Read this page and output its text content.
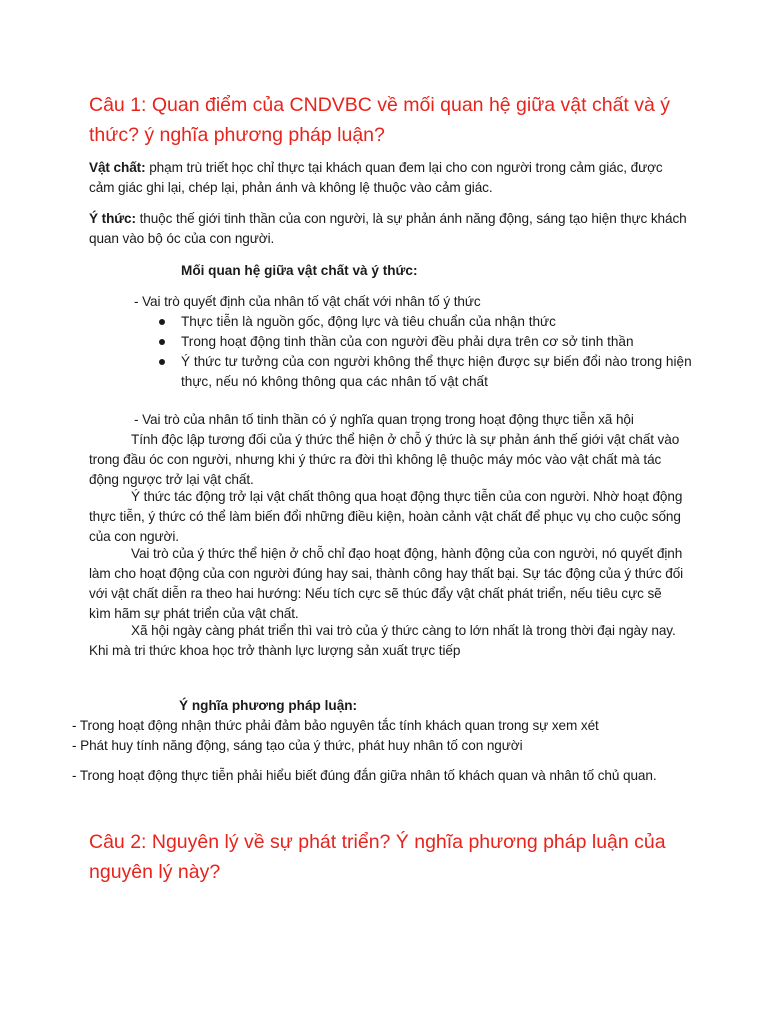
Câu 1: Quan điểm của CNDVBC về mối quan hệ giữa vật chất và ý thức? ý nghĩa phương pháp luận?

Vật chất: phạm trù triết học chỉ thực tại khách quan đem lại cho con người trong cảm giác, được cảm giác ghi lại, chép lại, phản ánh và không lệ thuộc vào cảm giác.

Ý thức: thuộc thế giới tinh thần của con người, là sự phản ánh năng động, sáng tạo hiện thực khách quan vào bộ óc của con người.

Mối quan hệ giữa vật chất và ý thức:

- Vai trò quyết định của nhân tố vật chất với nhân tố ý thức

Thực tiễn là nguồn gốc, động lực và tiêu chuẩn của nhận thức
Trong hoạt động tinh thần của con người đều phải dựa trên cơ sở tinh thần
Ý thức tư tưởng của con người không thể thực hiện được sự biến đổi nào trong hiện thực, nếu nó không thông qua các nhân tố vật chất

- Vai trò của nhân tố tinh thần có ý nghĩa quan trọng trong hoạt động thực tiễn xã hội

Tính độc lập tương đối của ý thức thể hiện ở chỗ ý thức là sự phản ánh thế giới vật chất vào trong đầu óc con người, nhưng khi ý thức ra đời thì không lệ thuộc máy móc vào vật chất mà tác động ngược trở lại vật chất.

Ý thức tác động trở lại vật chất thông qua hoạt động thực tiễn của con người. Nhờ hoạt động thực tiễn, ý thức có thể làm biến đổi những điều kiện, hoàn cảnh vật chất để phục vụ cho cuộc sống của con người.

Vai trò của ý thức thể hiện ở chỗ chỉ đạo hoạt động, hành động của con người, nó quyết định làm cho hoạt động của con người đúng hay sai, thành công hay thất bại. Sự tác động của ý thức đối với vật chất diễn ra theo hai hướng: Nếu tích cực sẽ thúc đẩy vật chất phát triển, nếu tiêu cực sẽ kìm hãm sự phát triển của vật chất.

Xã hội ngày càng phát triển thì vai trò của ý thức càng to lớn nhất là trong thời đại ngày nay. Khi mà tri thức khoa học trở thành lực lượng sản xuất trực tiếp

Ý nghĩa phương pháp luận:

- Trong hoạt động nhận thức phải đảm bảo nguyên tắc tính khách quan trong sự xem xét

- Phát huy tính năng động, sáng tạo của ý thức, phát huy nhân tố con người

- Trong hoạt động thực tiễn phải hiểu biết đúng đắn giữa nhân tố khách quan và nhân tố chủ quan.

Câu 2: Nguyên lý về sự phát triển? Ý nghĩa phương pháp luận của nguyên lý này?
